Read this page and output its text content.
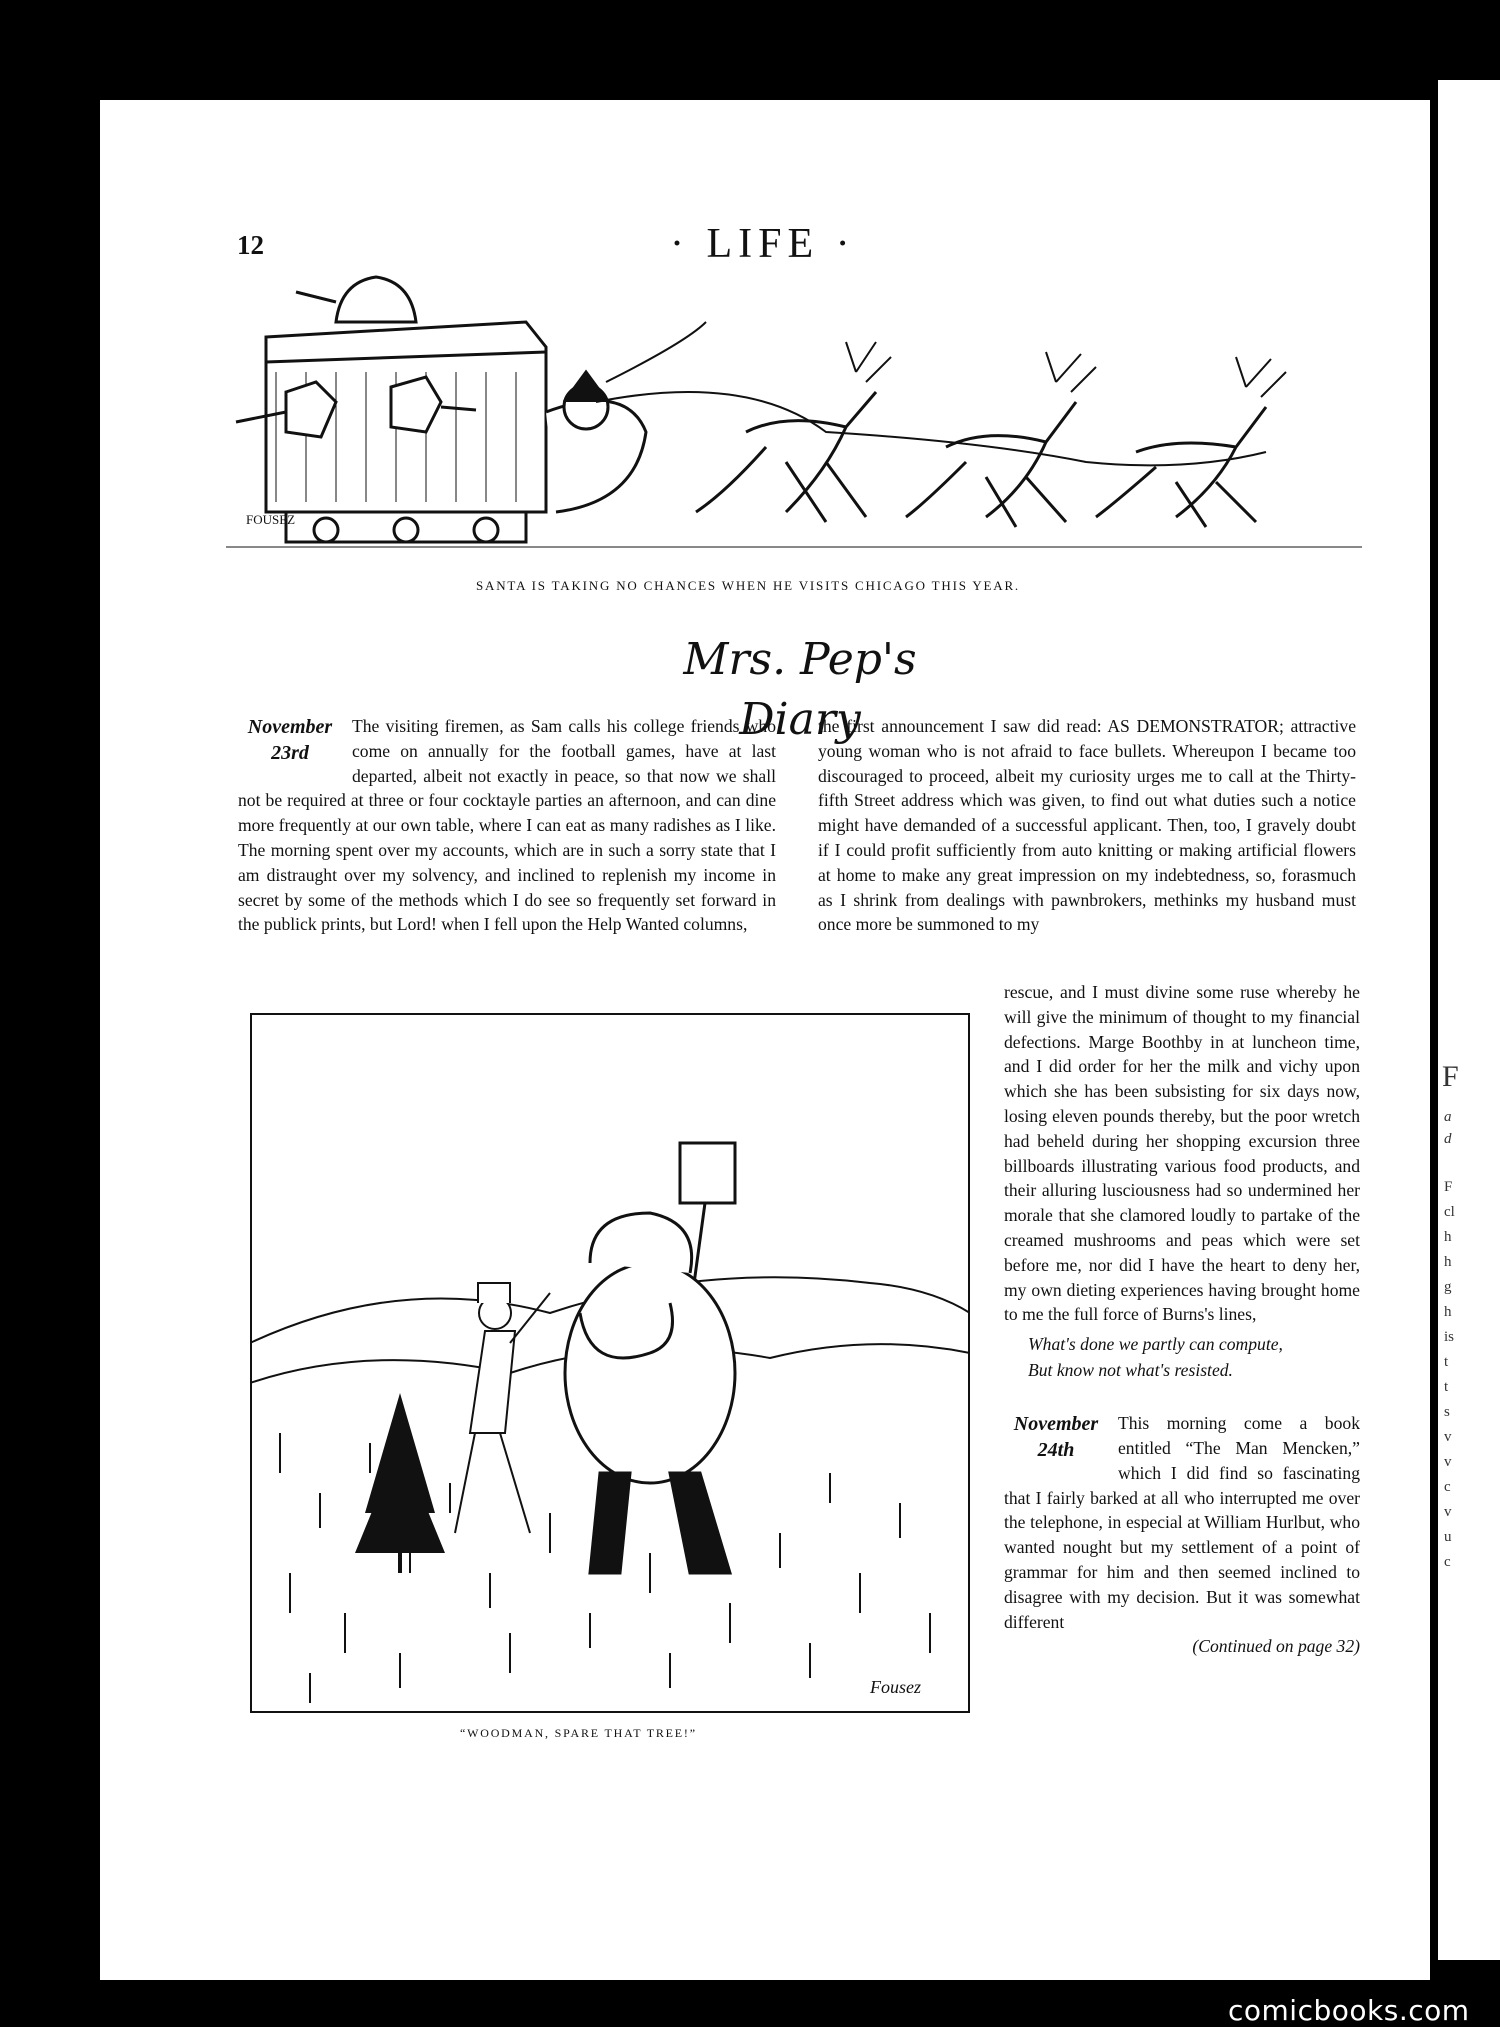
F
a
d
F
cl
h
h
g
h
is
t
t
s
v
v
c
v
u
c
12	· LIFE ·
FOUSEZ
SANTA IS TAKING NO CHANCES WHEN HE VISITS CHICAGO THIS YEAR.
Mrs. Pep's Diary
November
23rd

The visiting firemen, as Sam calls his college friends who come on annually for the football games, have at last departed, albeit not exactly in peace, so that now we shall not be required at three or four cocktayle parties an afternoon, and can dine more frequently at our own table, where I can eat as many radishes as I like. The morning spent over my accounts, which are in such a sorry state that I am distraught over my solvency, and inclined to replenish my income in secret by some of the methods which I do see so frequently set forward in the publick prints, but Lord! when I fell upon the Help Wanted columns,

the first announcement I saw did read: AS DEMONSTRATOR; attractive young woman who is not afraid to face bullets. Whereupon I became too discouraged to proceed, albeit my curiosity urges me to call at the Thirty-fifth Street address which was given, to find out what duties such a notice might have demanded of a successful applicant. Then, too, I gravely doubt if I could profit sufficiently from auto knitting or making artificial flowers at home to make any great impression on my indebtedness, so, forasmuch as I shrink from dealings with pawnbrokers, methinks my husband must once more be summoned to my

Fousez
“WOODMAN, SPARE THAT TREE!”

rescue, and I must divine some ruse whereby he will give the minimum of thought to my financial defections. Marge Boothby in at luncheon time, and I did order for her the milk and vichy upon which she has been subsisting for six days now, losing eleven pounds thereby, but the poor wretch had beheld during her shopping excursion three billboards illustrating various food products, and their alluring lusciousness had so undermined her morale that she clamored loudly to partake of the creamed mushrooms and peas which were set before me, nor did I have the heart to deny her, my own dieting experiences having brought home to me the full force of Burns's lines,

What's done we partly can compute,
But know not what's resisted.
November
24th

This morning come a book entitled “The Man Mencken,” which I did find so fascinating that I fairly barked at all who interrupted me over the telephone, in especial at William Hurlbut, who wanted nought but my settlement of a point of grammar for him and then seemed inclined to disagree with my decision. But it was somewhat different

(Continued on page 32)

comicbooks.com
